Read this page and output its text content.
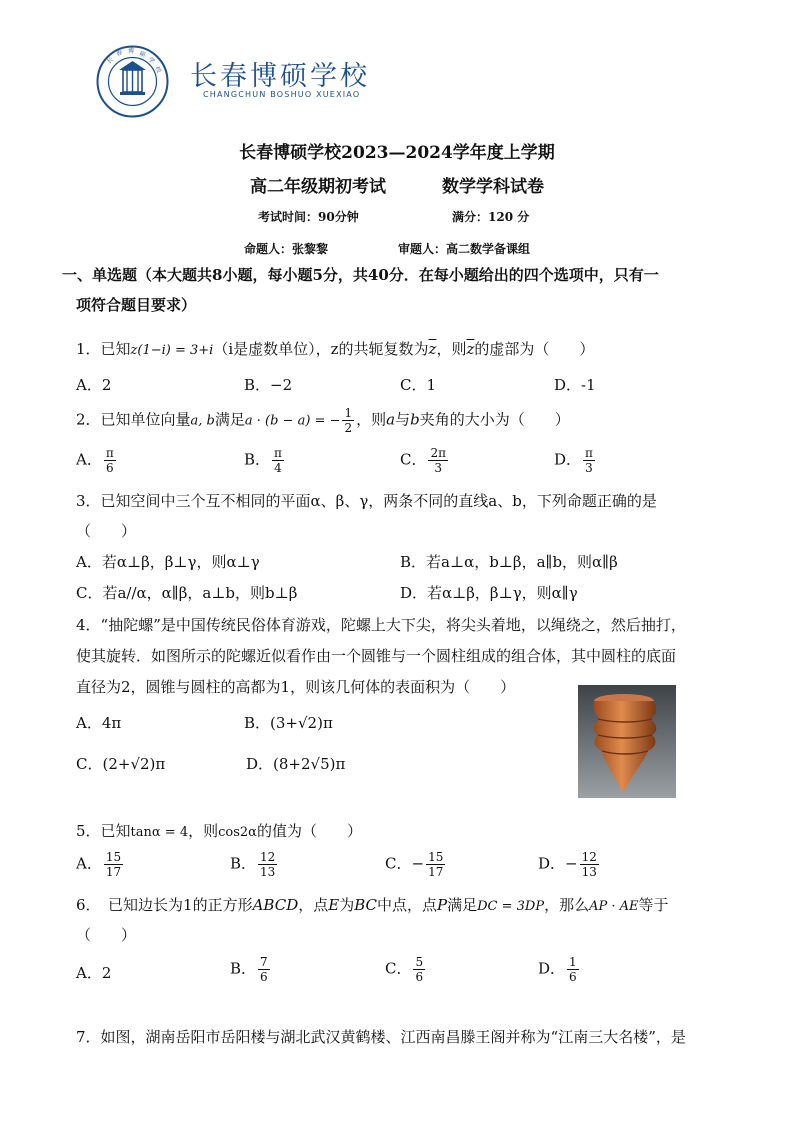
长
春 博 硕
学
校 长春博硕学校
CHANGCHUN BOSHUO XUEXIAO
长春博硕学校2023—2024学年度上学期
高二年级期初考试	数学学科试卷
考试时间：90分钟	满分：120 分
命题人：张黎黎	审题人：高二数学备课组
一、单选题（本大题共8小题，每小题5分，共40分．在每小题给出的四个选项中，只有一
项符合题目要求）
1．已知z(1−i) = 3+i（i是虚数单位），z的共轭复数为$\overline{z}$，则$\overline{z}$的虚部为（　　）
A．2	B．−2	C．1	D．-1
2．已知单位向量a, b满足a · (b − a) = − $\frac{1}{2}$ ，则a与b夹角的大小为（　　）
A． $\frac{\pi}{6}$	B． $\frac{\pi}{4}$	C． $\frac{2\pi}{3}$	D． $\frac{\pi}{3}$
3．已知空间中三个互不相同的平面α、β、γ，两条不同的直线a、b，下列命题正确的是
（　　）
A．若α⊥β，β⊥γ，则α⊥γ	B．若a⊥α，b⊥β，a∥b，则α∥β
C．若a//α，α∥β，a⊥b，则b⊥β	D．若α⊥β，β⊥γ，则α∥γ
4．“抽陀螺”是中国传统民俗体育游戏，陀螺上大下尖，将尖头着地，以绳绕之，然后抽打，
使其旋转．如图所示的陀螺近似看作由一个圆锥与一个圆柱组成的组合体，其中圆柱的底面
直径为2，圆锥与圆柱的高都为1，则该几何体的表面积为（　　）
A．4π	B．(3+√2)π
C．(2+√2)π	D．(8+2√5)π
5．已知tanα = 4，则cos2α的值为（　　）
A． $\frac{15}{17}$	B． $\frac{12}{13}$	C．− $\frac{15}{17}$	D．− $\frac{12}{13}$
6．　已知边长为1的正方形ABCD，点E为BC中点，点P满足DC = 3DP，那么AP · AE等于
（　　）
A．2	B． $\frac{7}{6}$	C． $\frac{5}{6}$	D． $\frac{1}{6}$
7．如图，湖南岳阳市岳阳楼与湖北武汉黄鹤楼、江西南昌滕王阁并称为“江南三大名楼”，是
